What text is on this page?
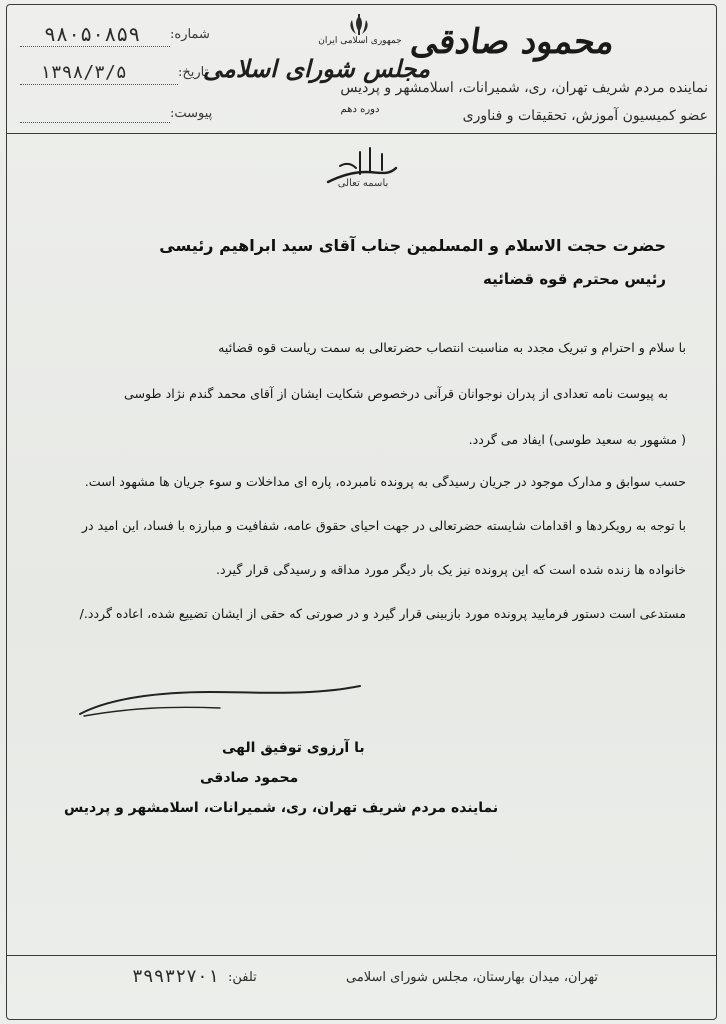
شماره:
۹۸۰۵۰۸۵۹
تاریخ:
۱۳۹۸/۳/۵
پیوست:
جمهوری اسلامی ایران
مجلس شورای اسلامی
دوره دهم
محمود صادقی
نماینده مردم شریف تهران، ری، شمیرانات، اسلامشهر و پردیس
عضو کمیسیون آموزش، تحقیقات و فناوری
باسمه تعالی
حضرت حجت الاسلام و المسلمین جناب آقای سید ابراهیم رئیسی
رئیس محترم قوه قضائیه
با سلام و احترام و تبریک مجدد به مناسبت انتصاب حضرتعالی به سمت ریاست قوه قضائیه
به پیوست نامه تعدادی از پدران نوجوانان قرآنی درخصوص شکایت ایشان از آقای محمد گندم نژاد طوسی
( مشهور به سعید طوسی) ایفاد می گردد.
حسب سوابق و مدارک موجود در جریان رسیدگی به پرونده نامبرده، پاره ای مداخلات و سوء جریان ها مشهود است.
با توجه به رویکردها و اقدامات شایسته حضرتعالی در جهت احیای حقوق عامه، شفافیت و مبارزه با فساد، این امید در
خانواده ها زنده شده است که این پرونده نیز یک بار دیگر مورد مداقه و رسیدگی قرار گیرد.
مستدعی است دستور فرمایید پرونده مورد بازبینی قرار گیرد و در صورتی که حقی از ایشان تضییع شده، اعاده گردد./
با آرزوی توفیق الهی
محمود صادقی
نماینده مردم شریف تهران، ری، شمیرانات، اسلامشهر و پردیس
تهران، میدان بهارستان، مجلس شورای اسلامی
تلفن:
۳۹۹۳۲۷۰۱
